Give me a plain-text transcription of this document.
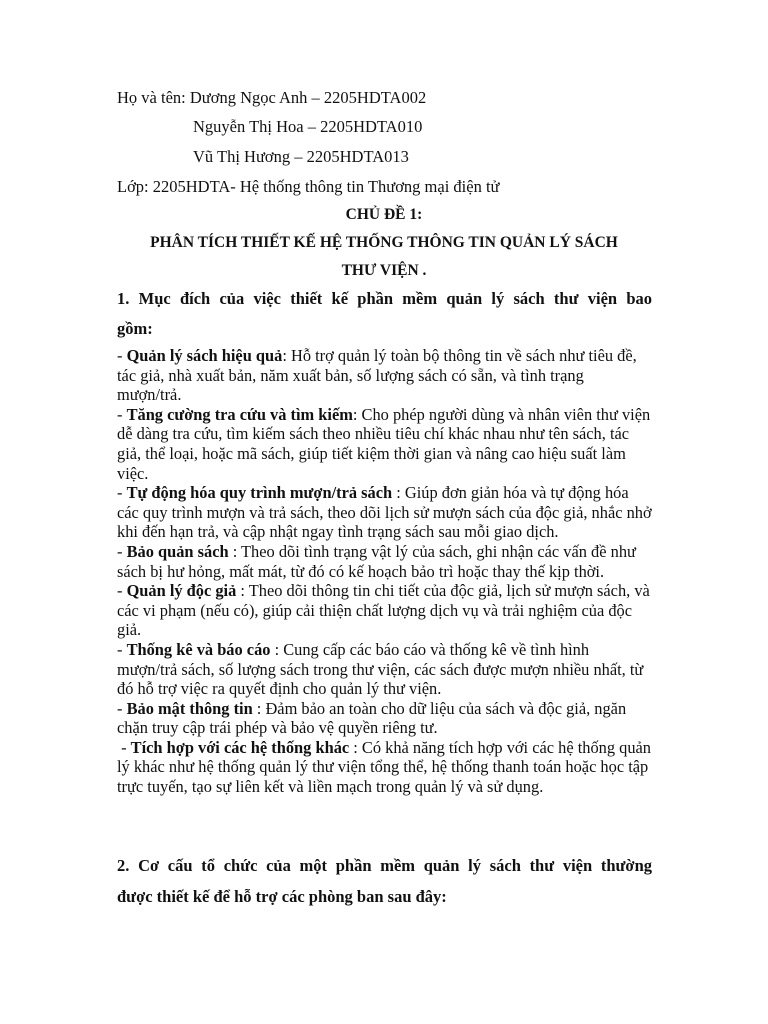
Họ và tên: Dương Ngọc Anh – 2205HDTA002
Nguyễn Thị Hoa – 2205HDTA010
Vũ Thị Hương – 2205HDTA013
Lớp: 2205HDTA- Hệ thống thông tin Thương mại điện tử
CHỦ ĐỀ 1:
PHÂN TÍCH THIẾT KẾ HỆ THỐNG THÔNG TIN QUẢN LÝ SÁCH
THƯ VIỆN .
1. Mục đích của việc thiết kế phần mềm quản lý sách thư viện bao
gồm:

- Quản lý sách hiệu quả: Hỗ trợ quản lý toàn bộ thông tin về sách như tiêu đề, tác giả, nhà xuất bản, năm xuất bản, số lượng sách có sẵn, và tình trạng mượn/trả.

- Tăng cường tra cứu và tìm kiếm: Cho phép người dùng và nhân viên thư viện dễ dàng tra cứu, tìm kiếm sách theo nhiều tiêu chí khác nhau như tên sách, tác giả, thể loại, hoặc mã sách, giúp tiết kiệm thời gian và nâng cao hiệu suất làm việc.

- Tự động hóa quy trình mượn/trả sách : Giúp đơn giản hóa và tự động hóa các quy trình mượn và trả sách, theo dõi lịch sử mượn sách của độc giả, nhắc nhở khi đến hạn trả, và cập nhật ngay tình trạng sách sau mỗi giao dịch.

- Bảo quản sách : Theo dõi tình trạng vật lý của sách, ghi nhận các vấn đề như sách bị hư hỏng, mất mát, từ đó có kế hoạch bảo trì hoặc thay thế kịp thời.

- Quản lý độc giả : Theo dõi thông tin chi tiết của độc giả, lịch sử mượn sách, và các vi phạm (nếu có), giúp cải thiện chất lượng dịch vụ và trải nghiệm của độc giả.

- Thống kê và báo cáo : Cung cấp các báo cáo và thống kê về tình hình mượn/trả sách, số lượng sách trong thư viện, các sách được mượn nhiều nhất, từ đó hỗ trợ việc ra quyết định cho quản lý thư viện.

- Bảo mật thông tin : Đảm bảo an toàn cho dữ liệu của sách và độc giả, ngăn chặn truy cập trái phép và bảo vệ quyền riêng tư.

- Tích hợp với các hệ thống khác : Có khả năng tích hợp với các hệ thống quản lý khác như hệ thống quản lý thư viện tổng thể, hệ thống thanh toán hoặc học tập trực tuyến, tạo sự liên kết và liền mạch trong quản lý và sử dụng.

2. Cơ cấu tổ chức của một phần mềm quản lý sách thư viện thường
được thiết kế để hỗ trợ các phòng ban sau đây:
